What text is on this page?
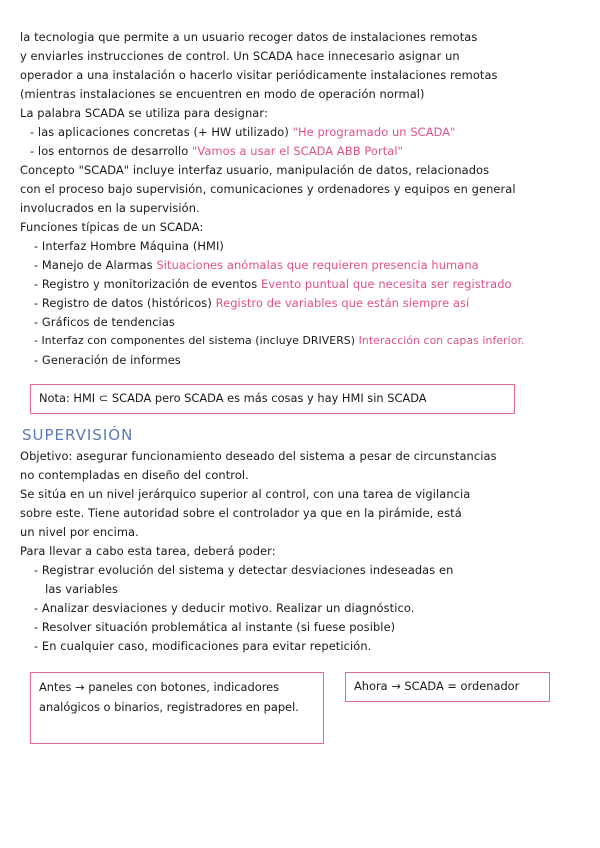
la tecnologia que permite a un usuario recoger datos de instalaciones remotas
y enviarles instrucciones de control. Un SCADA hace innecesario asignar un
operador a una instalación o hacerlo visitar periódicamente instalaciones remotas
(mientras instalaciones se encuentren en modo de operación normal)
La palabra SCADA se utiliza para designar:
- las aplicaciones concretas (+ HW utilizado) "He programado un SCADA"
- los entornos de desarrollo "Vamos a usar el SCADA ABB Portal"
Concepto "SCADA" incluye interfaz usuario, manipulación de datos, relacionados
con el proceso bajo supervisión, comunicaciones y ordenadores y equipos en general
involucrados en la supervisión.
Funciones típicas de un SCADA:
- Interfaz Hombre Máquina (HMI)
- Manejo de Alarmas Situaciones anómalas que requieren presencia humana
- Registro y monitorización de eventos Evento puntual que necesita ser registrado
- Registro de datos (históricos) Registro de variables que están siempre así
- Gráficos de tendencias
- Interfaz con componentes del sistema (incluye DRIVERS) Interacción con capas inferior.
- Generación de informes
Nota: HMI ⊂ SCADA pero SCADA es más cosas y hay HMI sin SCADA
SUPERVISIÓN
Objetivo: asegurar funcionamiento deseado del sistema a pesar de circunstancias
no contempladas en diseño del control.
Se sitúa en un nivel jerárquico superior al control, con una tarea de vigilancia
sobre este. Tiene autoridad sobre el controlador ya que en la pirámide, está
un nivel por encima.
Para llevar a cabo esta tarea, deberá poder:
- Registrar evolución del sistema y detectar desviaciones indeseadas en
las variables
- Analizar desviaciones y deducir motivo. Realizar un diagnóstico.
- Resolver situación problemática al instante (si fuese posible)
- En cualquier caso, modificaciones para evitar repetición.
Antes → paneles con botones, indicadores analógicos o binarios, registradores en papel.
Ahora → SCADA = ordenador
